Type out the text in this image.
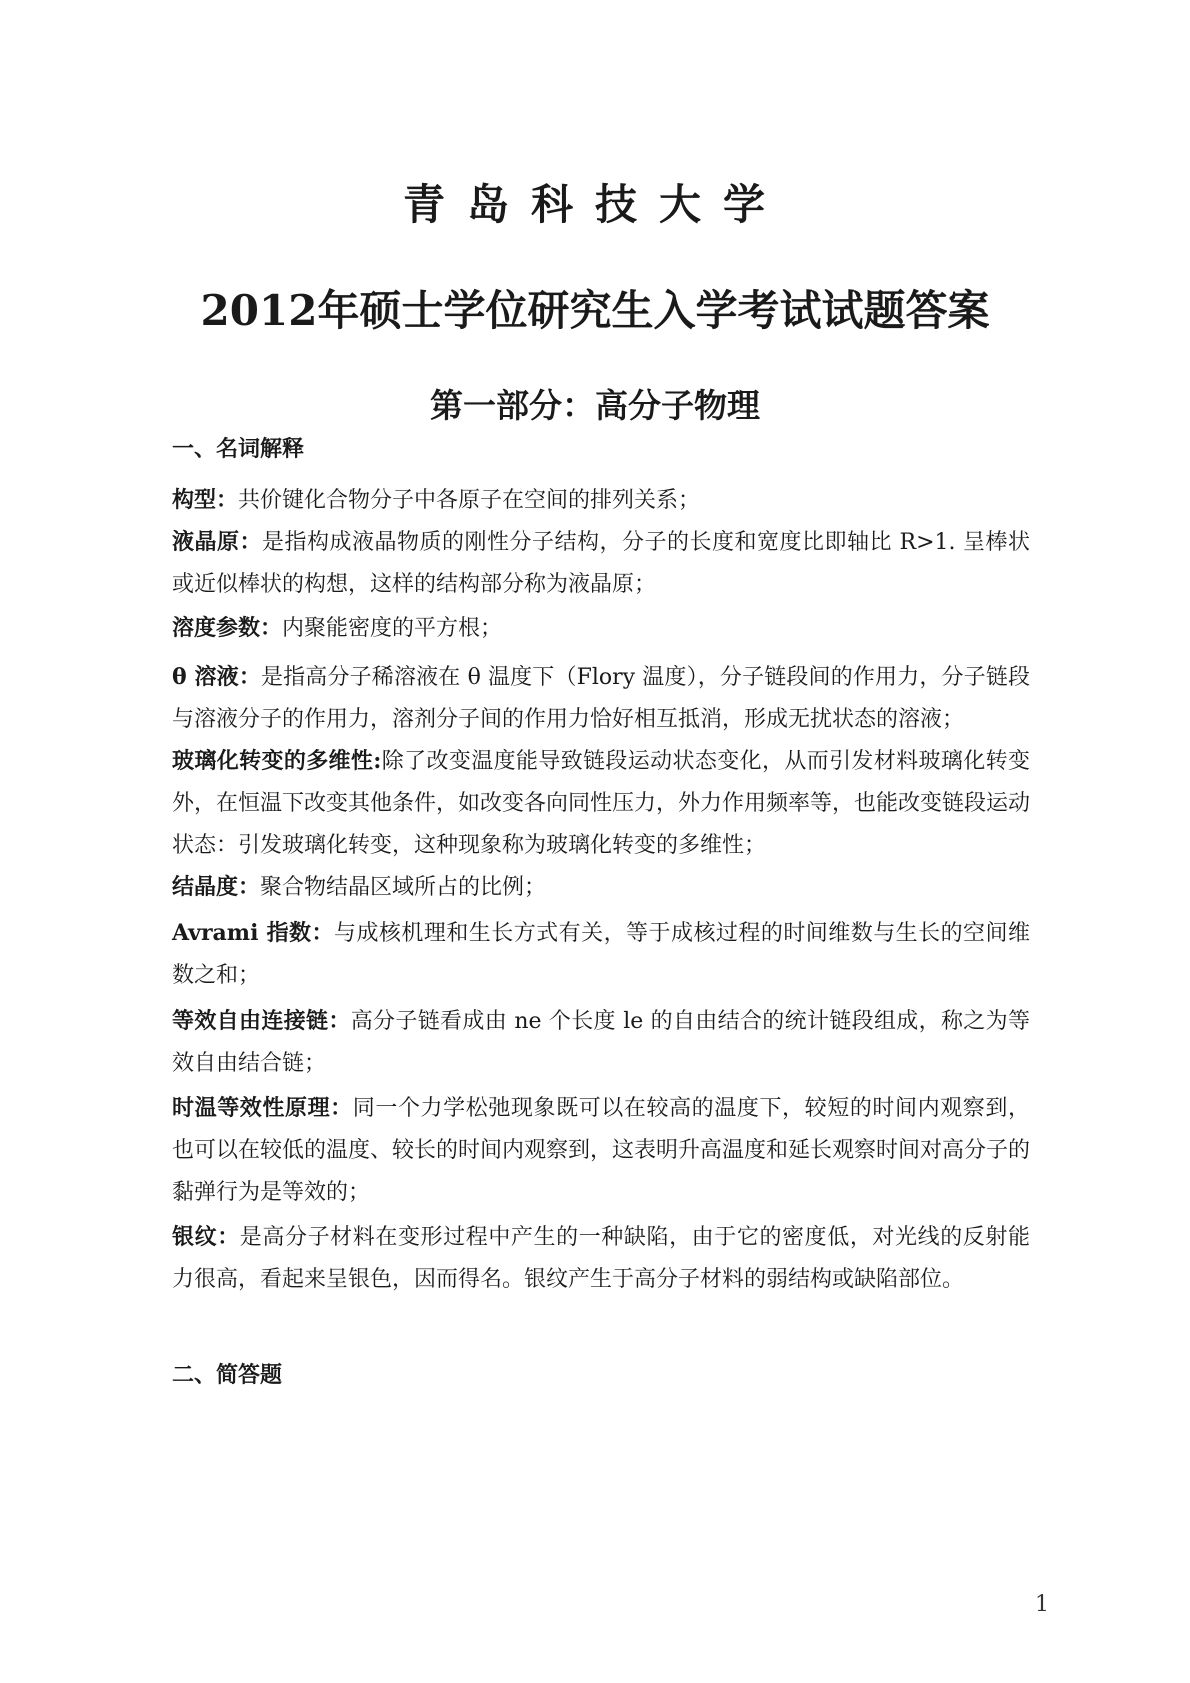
青岛科技大学
2012年硕士学位研究生入学考试试题答案
第一部分：高分子物理
一、名词解释
构型：共价键化合物分子中各原子在空间的排列关系；
液晶原：是指构成液晶物质的刚性分子结构，分子的长度和宽度比即轴比 R>1. 呈棒状或近似棒状的构想，这样的结构部分称为液晶原；
溶度参数：内聚能密度的平方根；
θ 溶液：是指高分子稀溶液在 θ 温度下（Flory 温度），分子链段间的作用力，分子链段与溶液分子的作用力，溶剂分子间的作用力恰好相互抵消，形成无扰状态的溶液；
玻璃化转变的多维性:除了改变温度能导致链段运动状态变化，从而引发材料玻璃化转变外，在恒温下改变其他条件，如改变各向同性压力，外力作用频率等，也能改变链段运动状态：引发玻璃化转变，这种现象称为玻璃化转变的多维性；
结晶度：聚合物结晶区域所占的比例；
Avrami 指数：与成核机理和生长方式有关，等于成核过程的时间维数与生长的空间维数之和；
等效自由连接链：高分子链看成由 ne 个长度 le 的自由结合的统计链段组成，称之为等效自由结合链；
时温等效性原理：同一个力学松弛现象既可以在较高的温度下，较短的时间内观察到，也可以在较低的温度、较长的时间内观察到，这表明升高温度和延长观察时间对高分子的黏弹行为是等效的；
银纹：是高分子材料在变形过程中产生的一种缺陷，由于它的密度低，对光线的反射能力很高，看起来呈银色，因而得名。银纹产生于高分子材料的弱结构或缺陷部位。
二、简答题
1
